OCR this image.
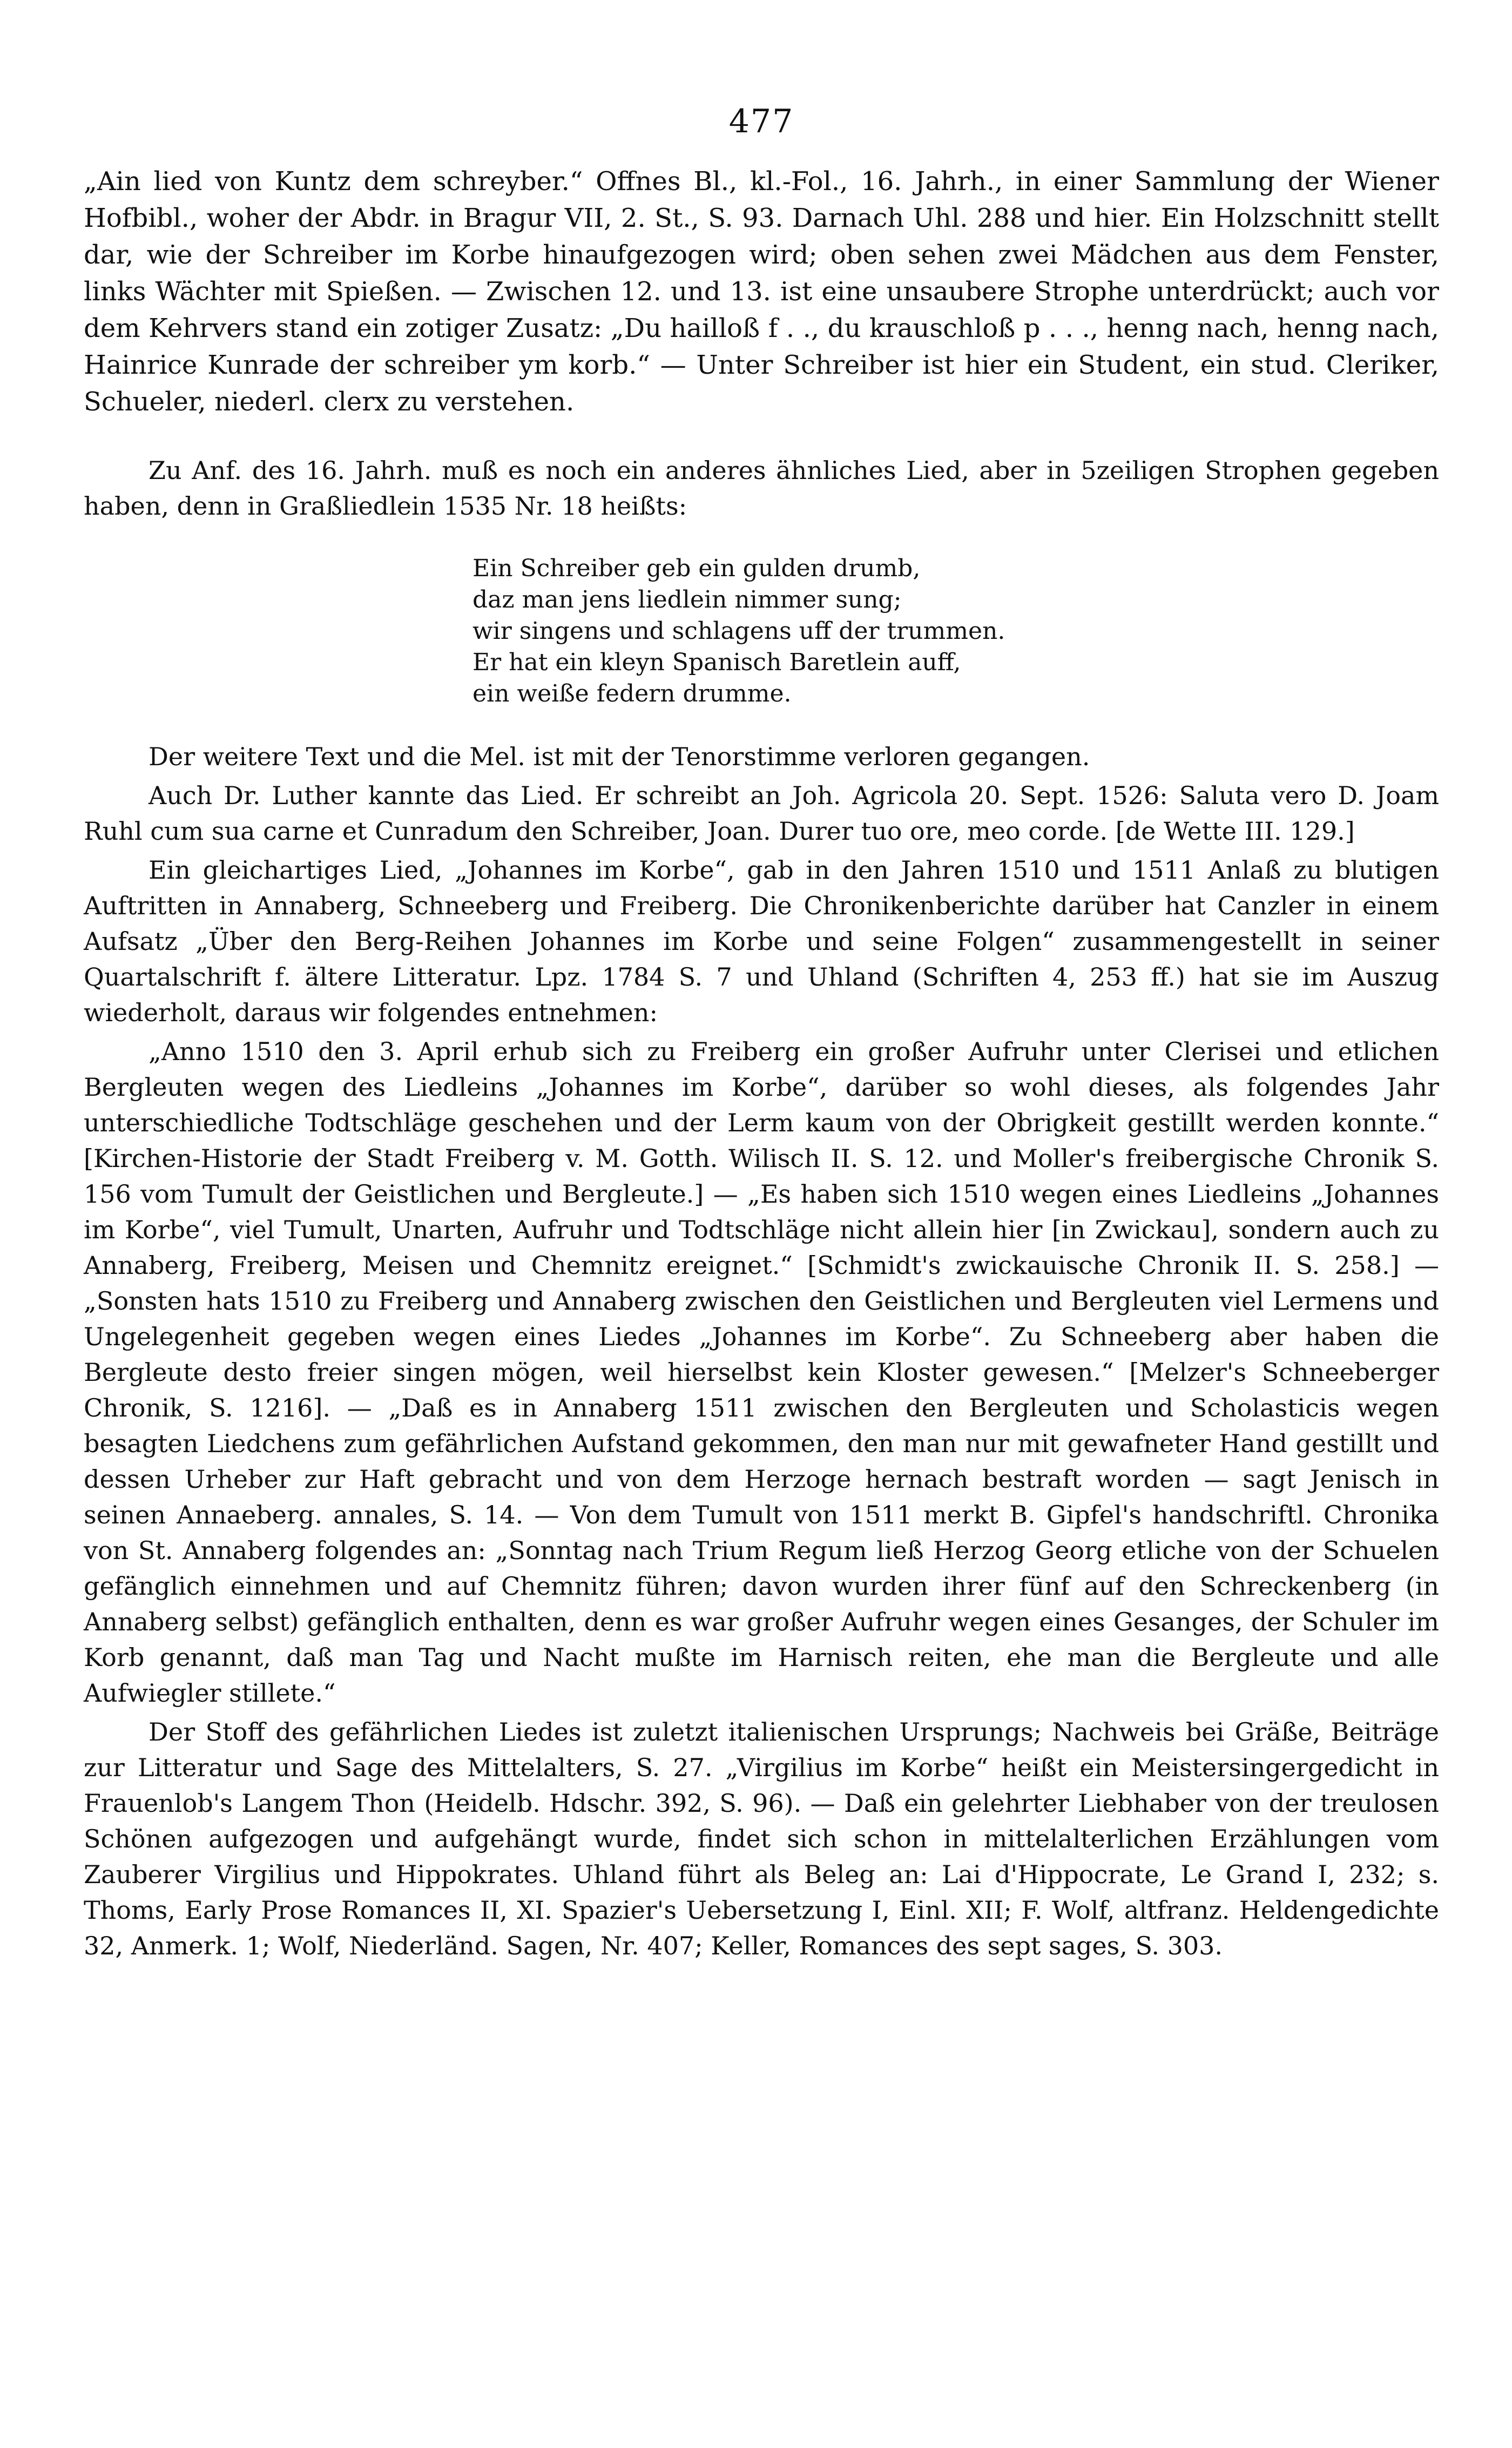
477

„Ain lied von Kuntz dem schreyber.“ Offnes Bl., kl.-Fol., 16. Jahrh., in einer Sammlung der Wiener Hofbibl., woher der Abdr. in Bragur VII, 2. St., S. 93. Darnach Uhl. 288 und hier. Ein Holzschnitt stellt dar, wie der Schreiber im Korbe hinaufgezogen wird; oben sehen zwei Mädchen aus dem Fenster, links Wächter mit Spießen. — Zwischen 12. und 13. ist eine unsaubere Strophe unterdrückt; auch vor dem Kehrvers stand ein zotiger Zusatz: „Du hailloß f . ., du krauschloß p . . ., henng nach, henng nach, Hainrice Kunrade der schreiber ym korb.“ — Unter Schreiber ist hier ein Student, ein stud. Cleriker, Schueler, niederl. clerx zu verstehen.

Zu Anf. des 16. Jahrh. muß es noch ein anderes ähnliches Lied, aber in 5zeiligen Strophen gegeben haben, denn in Graßliedlein 1535 Nr. 18 heißts:

Ein Schreiber geb ein gulden drumb,
daz man jens liedlein nimmer sung;
wir singens und schlagens uff der trummen.
Er hat ein kleyn Spanisch Baretlein auff,
ein weiße federn drumme.

Der weitere Text und die Mel. ist mit der Tenorstimme verloren gegangen.

Auch Dr. Luther kannte das Lied. Er schreibt an Joh. Agricola 20. Sept. 1526: Saluta vero D. Joam Ruhl cum sua carne et Cunradum den Schreiber, Joan. Durer tuo ore, meo corde. [de Wette III. 129.]

Ein gleichartiges Lied, „Johannes im Korbe“, gab in den Jahren 1510 und 1511 Anlaß zu blutigen Auftritten in Annaberg, Schneeberg und Freiberg. Die Chronikenberichte darüber hat Canzler in einem Aufsatz „Über den Berg-Reihen Johannes im Korbe und seine Folgen“ zusammengestellt in seiner Quartalschrift f. ältere Litteratur. Lpz. 1784 S. 7 und Uhland (Schriften 4, 253 ff.) hat sie im Auszug wiederholt, daraus wir folgendes entnehmen:

„Anno 1510 den 3. April erhub sich zu Freiberg ein großer Aufruhr unter Clerisei und etlichen Bergleuten wegen des Liedleins „Johannes im Korbe“, darüber so wohl dieses, als folgendes Jahr unterschiedliche Todtschläge geschehen und der Lerm kaum von der Obrigkeit gestillt werden konnte.“ [Kirchen-Historie der Stadt Freiberg v. M. Gotth. Wilisch II. S. 12. und Moller's freibergische Chronik S. 156 vom Tumult der Geistlichen und Bergleute.] — „Es haben sich 1510 wegen eines Liedleins „Johannes im Korbe“, viel Tumult, Unarten, Aufruhr und Todtschläge nicht allein hier [in Zwickau], sondern auch zu Annaberg, Freiberg, Meisen und Chemnitz ereignet.“ [Schmidt's zwickauische Chronik II. S. 258.] — „Sonsten hats 1510 zu Freiberg und Annaberg zwischen den Geistlichen und Bergleuten viel Lermens und Ungelegenheit gegeben wegen eines Liedes „Johannes im Korbe“. Zu Schneeberg aber haben die Bergleute desto freier singen mögen, weil hierselbst kein Kloster gewesen.“ [Melzer's Schneeberger Chronik, S. 1216]. — „Daß es in Annaberg 1511 zwischen den Bergleuten und Scholasticis wegen besagten Liedchens zum gefährlichen Aufstand gekommen, den man nur mit gewafneter Hand gestillt und dessen Urheber zur Haft gebracht und von dem Herzoge hernach bestraft worden — sagt Jenisch in seinen Annaeberg. annales, S. 14. — Von dem Tumult von 1511 merkt B. Gipfel's handschriftl. Chronika von St. Annaberg folgendes an: „Sonntag nach Trium Regum ließ Herzog Georg etliche von der Schuelen gefänglich einnehmen und auf Chemnitz führen; davon wurden ihrer fünf auf den Schreckenberg (in Annaberg selbst) gefänglich enthalten, denn es war großer Aufruhr wegen eines Gesanges, der Schuler im Korb genannt, daß man Tag und Nacht mußte im Harnisch reiten, ehe man die Bergleute und alle Aufwiegler stillete.“

Der Stoff des gefährlichen Liedes ist zuletzt italienischen Ursprungs; Nachweis bei Gräße, Beiträge zur Litteratur und Sage des Mittelalters, S. 27. „Virgilius im Korbe“ heißt ein Meistersingergedicht in Frauenlob's Langem Thon (Heidelb. Hdschr. 392, S. 96). — Daß ein gelehrter Liebhaber von der treulosen Schönen aufgezogen und aufgehängt wurde, findet sich schon in mittelalterlichen Erzählungen vom Zauberer Virgilius und Hippokrates. Uhland führt als Beleg an: Lai d'Hippocrate, Le Grand I, 232; s. Thoms, Early Prose Romances II, XI. Spazier's Uebersetzung I, Einl. XII; F. Wolf, altfranz. Heldengedichte 32, Anmerk. 1; Wolf, Niederländ. Sagen, Nr. 407; Keller, Romances des sept sages, S. 303.
